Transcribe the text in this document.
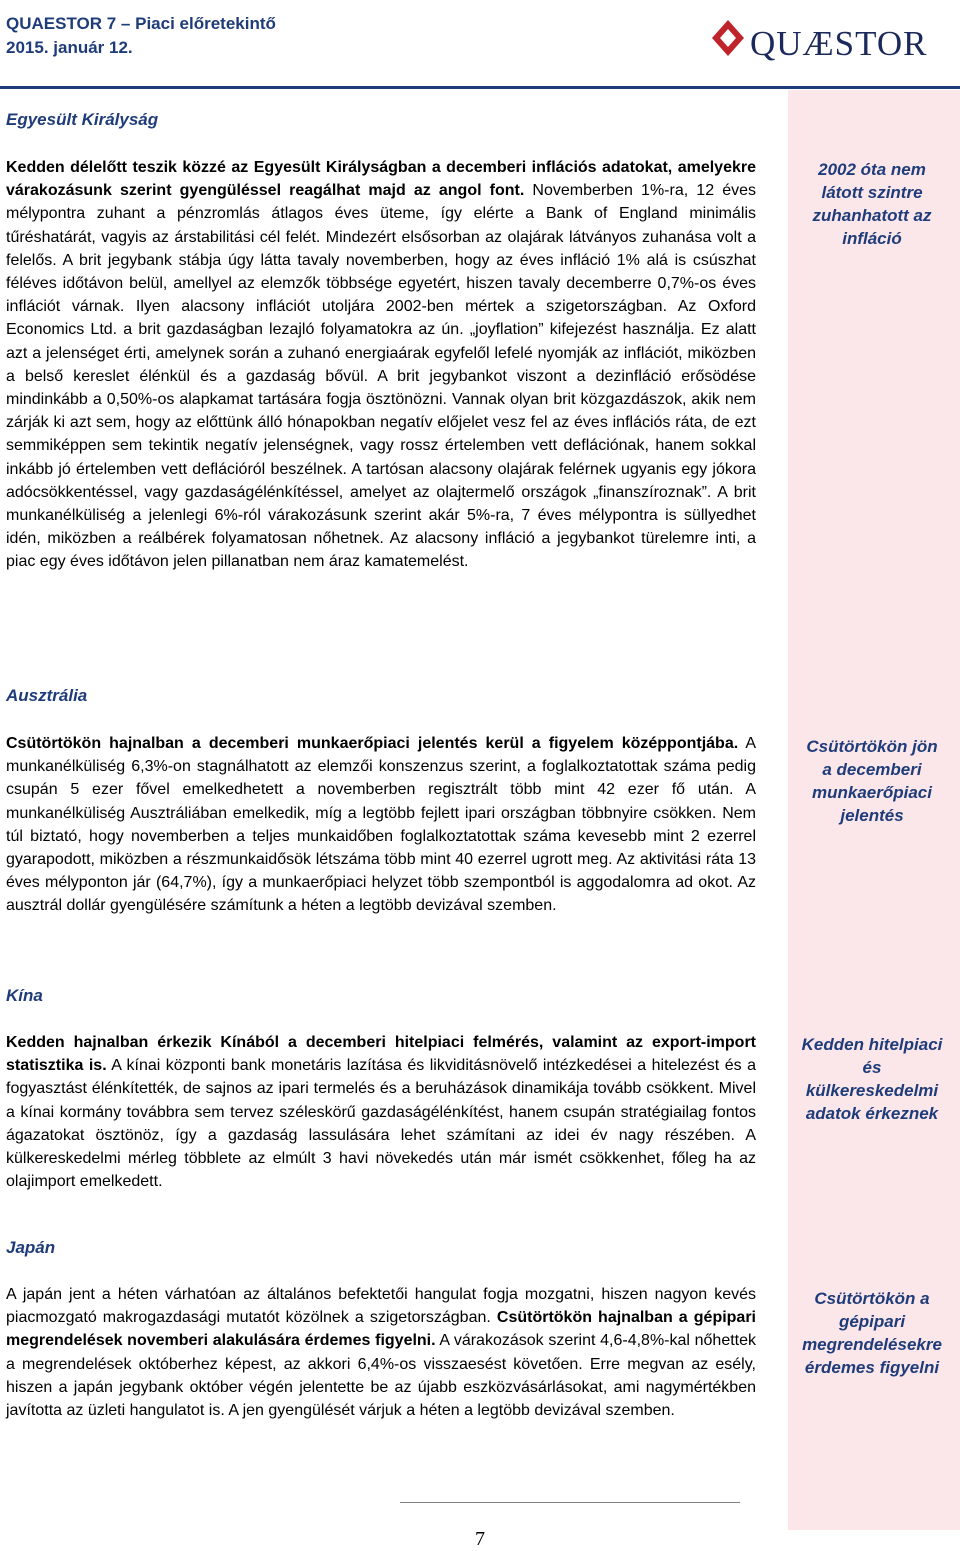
QUAESTOR 7 – Piaci előretekintő
2015. január 12.	QUÆSTOR
Egyesült Királyság
Kedden délelőtt teszik közzé az Egyesült Királyságban a decemberi inflációs adatokat, amelyekre várakozásunk szerint gyengüléssel reagálhat majd az angol font. Novemberben 1%-ra, 12 éves mélypontra zuhant a pénzromlás átlagos éves üteme, így elérte a Bank of England minimális tűréshatárát, vagyis az árstabilitási cél felét. Mindezért elsősorban az olajárak látványos zuhanása volt a felelős. A brit jegybank stábja úgy látta tavaly novemberben, hogy az éves infláció 1% alá is csúszhat féléves időtávon belül, amellyel az elemzők többsége egyetért, hiszen tavaly decemberre 0,7%-os éves inflációt várnak. Ilyen alacsony inflációt utoljára 2002-ben mértek a szigetországban. Az Oxford Economics Ltd. a brit gazdaságban lezajló folyamatokra az ún. „joyflation” kifejezést használja. Ez alatt azt a jelenséget érti, amelynek során a zuhanó energiaárak egyfelől lefelé nyomják az inflációt, miközben a belső kereslet élénkül és a gazdaság bővül. A brit jegybankot viszont a dezinfláció erősödése mindinkább a 0,50%-os alapkamat tartására fogja ösztönözni. Vannak olyan brit közgazdászok, akik nem zárják ki azt sem, hogy az előttünk álló hónapokban negatív előjelet vesz fel az éves inflációs ráta, de ezt semmiképpen sem tekintik negatív jelenségnek, vagy rossz értelemben vett deflációnak, hanem sokkal inkább jó értelemben vett deflációról beszélnek. A tartósan alacsony olajárak felérnek ugyanis egy jókora adócsökkentéssel, vagy gazdaságélénkítéssel, amelyet az olajtermelő országok „finanszíroznak”. A brit munkanélküliség a jelenlegi 6%-ról várakozásunk szerint akár 5%-ra, 7 éves mélypontra is süllyedhet idén, miközben a reálbérek folyamatosan nőhetnek. Az alacsony infláció a jegybankot türelemre inti, a piac egy éves időtávon jelen pillanatban nem áraz kamatemelést.
2002 óta nem látott szintre zuhanhatott az infláció
Ausztrália
Csütörtökön hajnalban a decemberi munkaerőpiaci jelentés kerül a figyelem középpontjába. A munkanélküliség 6,3%-on stagnálhatott az elemzői konszenzus szerint, a foglalkoztatottak száma pedig csupán 5 ezer fővel emelkedhetett a novemberben regisztrált több mint 42 ezer fő után. A munkanélküliség Ausztráliában emelkedik, míg a legtöbb fejlett ipari országban többnyire csökken. Nem túl biztató, hogy novemberben a teljes munkaidőben foglalkoztatottak száma kevesebb mint 2 ezerrel gyarapodott, miközben a részmunkaidősök létszáma több mint 40 ezerrel ugrott meg. Az aktivitási ráta 13 éves mélyponton jár (64,7%), így a munkaerőpiaci helyzet több szempontból is aggodalomra ad okot. Az ausztrál dollár gyengülésére számítunk a héten a legtöbb devizával szemben.
Csütörtökön jön a decemberi munkaerőpiaci jelentés
Kína
Kedden hajnalban érkezik Kínából a decemberi hitelpiaci felmérés, valamint az export-import statisztika is. A kínai központi bank monetáris lazítása és likviditásnövelő intézkedései a hitelezést és a fogyasztást élénkítették, de sajnos az ipari termelés és a beruházások dinamikája tovább csökkent. Mivel a kínai kormány továbbra sem tervez széleskörű gazdaságélénkítést, hanem csupán stratégiailag fontos ágazatokat ösztönöz, így a gazdaság lassulására lehet számítani az idei év nagy részében. A külkereskedelmi mérleg többlete az elmúlt 3 havi növekedés után már ismét csökkenhet, főleg ha az olajimport emelkedett.
Kedden hitelpiaci és külkereskedelmi adatok érkeznek
Japán
A japán jent a héten várhatóan az általános befektetői hangulat fogja mozgatni, hiszen nagyon kevés piacmozgató makrogazdasági mutatót közölnek a szigetországban. Csütörtökön hajnalban a gépipari megrendelések novemberi alakulására érdemes figyelni. A várakozások szerint 4,6-4,8%-kal nőhettek a megrendelések októberhez képest, az akkori 6,4%-os visszaesést követően. Erre megvan az esély, hiszen a japán jegybank október végén jelentette be az újabb eszközvásárlásokat, ami nagymértékben javította az üzleti hangulatot is. A jen gyengülését várjuk a héten a legtöbb devizával szemben.
Csütörtökön a gépipari megrendelésekre érdemes figyelni
7
